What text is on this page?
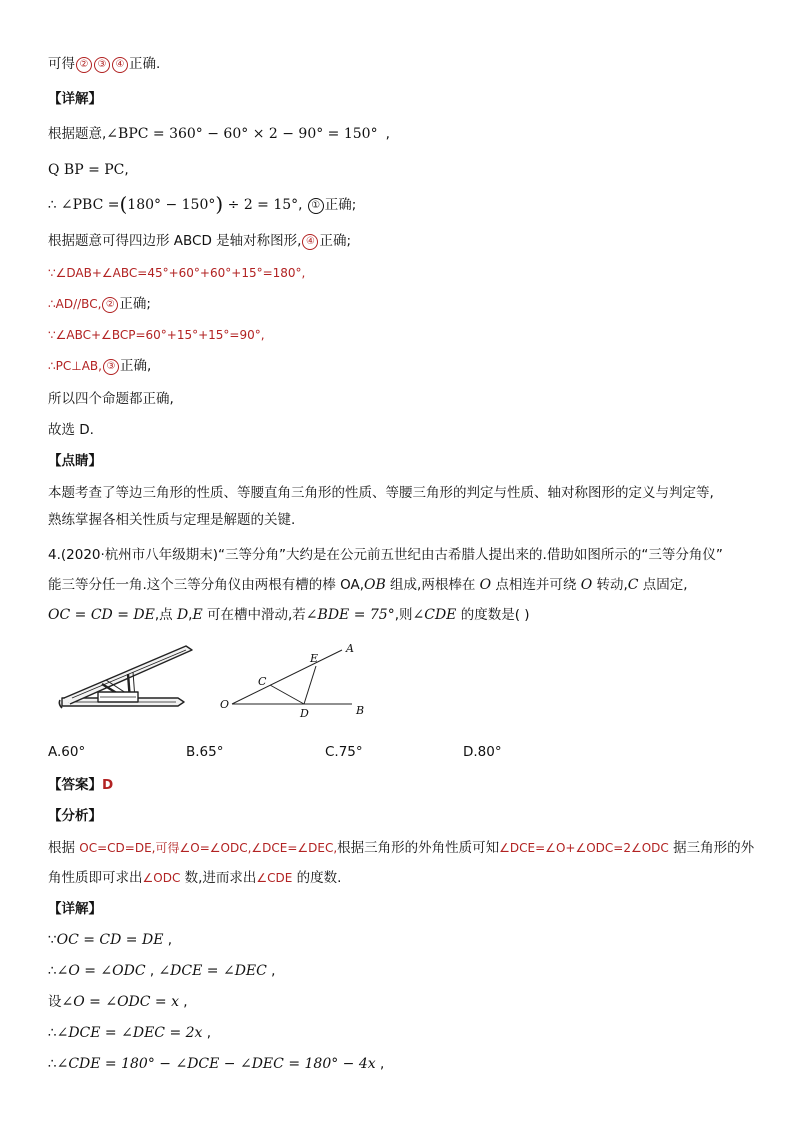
可得 ② ③ ④ 正确.
【详解】
根据题意,∠BPC = 360° − 60° × 2 − 90° = 150° ,
Q BP = PC,
∴ ∠PBC =(180° − 150°) ÷ 2 = 15°, ① 正确;
根据题意可得四边形 ABCD 是轴对称图形, ④ 正确;
∵∠DAB+∠ABC=45°+60°+60°+15°=180°,
∴AD//BC, ② 正确;
∵∠ABC+∠BCP=60°+15°+15°=90°,
∴PC⊥AB, ③ 正确,
所以四个命题都正确,
故选 D.
【点睛】
本题考查了等边三角形的性质、等腰直角三角形的性质、等腰三角形的判定与性质、轴对称图形的定义与判定等,
熟练掌握各相关性质与定理是解题的关键.
4.(2020·杭州市八年级期末)“三等分角”大约是在公元前五世纪由古希腊人提出来的.借助如图所示的“三等分角仪”
能三等分任一角.这个三等分角仪由两根有槽的棒 OA,OB 组成,两根棒在 O 点相连并可绕 O 转动,C 点固定,
OC = CD = DE,点 D,E 可在槽中滑动,若∠BDE = 75°,则∠CDE 的度数是( )
O
C
D
E
A
B
A.60°	B.65°	C.75°	D.80°
【答案】D
【分析】
根据 OC=CD=DE,可得∠O=∠ODC,∠DCE=∠DEC,根据三角形的外角性质可知∠DCE=∠O+∠ODC=2∠ODC 据三角形的外
角性质即可求出∠ODC 数,进而求出∠CDE 的度数.
【详解】
∵OC = CD = DE ,
∴∠O = ∠ODC , ∠DCE = ∠DEC ,
设∠O = ∠ODC = x ,
∴∠DCE = ∠DEC = 2x ,
∴∠CDE = 180° − ∠DCE − ∠DEC = 180° − 4x ,
